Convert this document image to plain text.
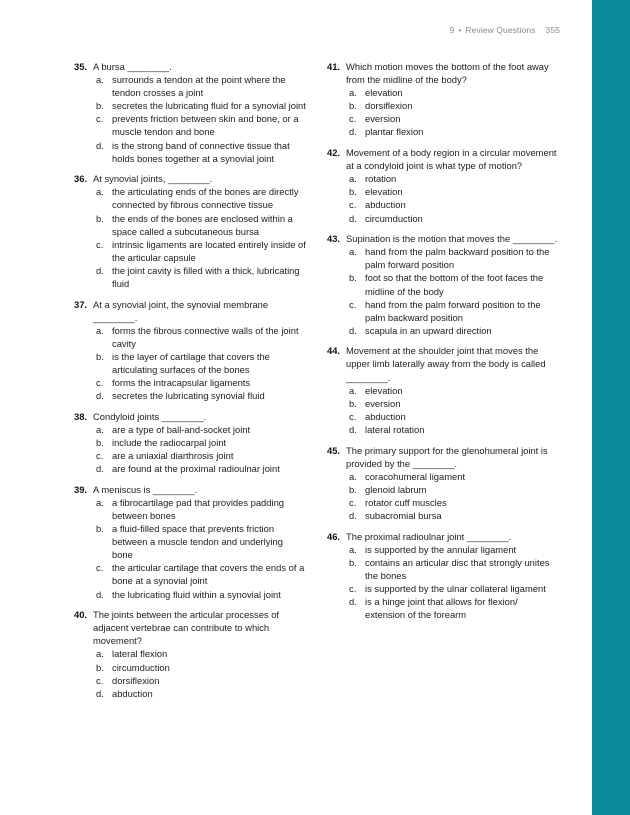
9 • Review Questions 355
35. A bursa ________.
a. surrounds a tendon at the point where the tendon crosses a joint
b. secretes the lubricating fluid for a synovial joint
c. prevents friction between skin and bone, or a muscle tendon and bone
d. is the strong band of connective tissue that holds bones together at a synovial joint
36. At synovial joints, ________.
a. the articulating ends of the bones are directly connected by fibrous connective tissue
b. the ends of the bones are enclosed within a space called a subcutaneous bursa
c. intrinsic ligaments are located entirely inside of the articular capsule
d. the joint cavity is filled with a thick, lubricating fluid
37. At a synovial joint, the synovial membrane ________.
a. forms the fibrous connective walls of the joint cavity
b. is the layer of cartilage that covers the articulating surfaces of the bones
c. forms the intracapsular ligaments
d. secretes the lubricating synovial fluid
38. Condyloid joints ________.
a. are a type of ball-and-socket joint
b. include the radiocarpal joint
c. are a uniaxial diarthrosis joint
d. are found at the proximal radioulnar joint
39. A meniscus is ________.
a. a fibrocartilage pad that provides padding between bones
b. a fluid-filled space that prevents friction between a muscle tendon and underlying bone
c. the articular cartilage that covers the ends of a bone at a synovial joint
d. the lubricating fluid within a synovial joint
40. The joints between the articular processes of adjacent vertebrae can contribute to which movement?
a. lateral flexion
b. circumduction
c. dorsiflexion
d. abduction
41. Which motion moves the bottom of the foot away from the midline of the body?
a. elevation
b. dorsiflexion
c. eversion
d. plantar flexion
42. Movement of a body region in a circular movement at a condyloid joint is what type of motion?
a. rotation
b. elevation
c. abduction
d. circumduction
43. Supination is the motion that moves the ________.
a. hand from the palm backward position to the palm forward position
b. foot so that the bottom of the foot faces the midline of the body
c. hand from the palm forward position to the palm backward position
d. scapula in an upward direction
44. Movement at the shoulder joint that moves the upper limb laterally away from the body is called ________.
a. elevation
b. eversion
c. abduction
d. lateral rotation
45. The primary support for the glenohumeral joint is provided by the ________.
a. coracohumeral ligament
b. glenoid labrum
c. rotator cuff muscles
d. subacromial bursa
46. The proximal radioulnar joint ________.
a. is supported by the annular ligament
b. contains an articular disc that strongly unites the bones
c. is supported by the ulnar collateral ligament
d. is a hinge joint that allows for flexion/ extension of the forearm
